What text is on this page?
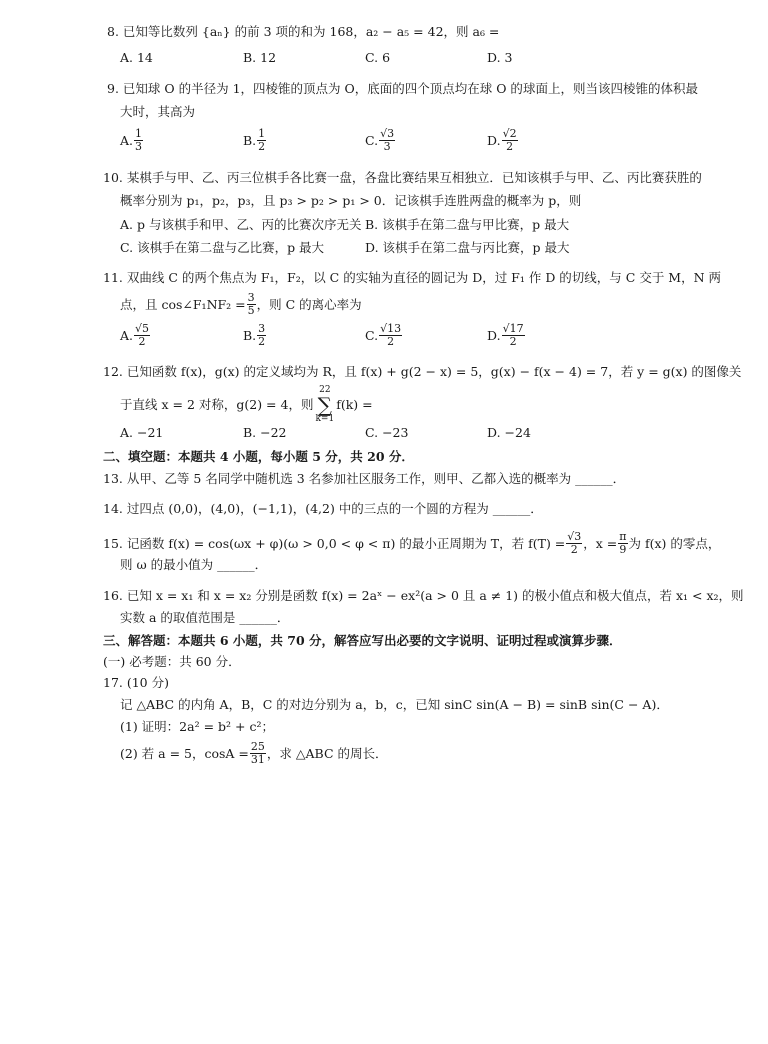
8. 已知等比数列 {aₙ} 的前 3 项的和为 168，a₂ − a₅ = 42，则 a₆ =
A. 14	B. 12	C. 6	D. 3
9. 已知球 O 的半径为 1，四棱锥的顶点为 O，底面的四个顶点均在球 O 的球面上，则当该四棱锥的体积最
大时，其高为
A. $\frac{1}{3}$	B. $\frac{1}{2}$	C. $\frac{√3}{3}$	D. $\frac{√2}{2}$
10. 某棋手与甲、乙、丙三位棋手各比赛一盘，各盘比赛结果互相独立．已知该棋手与甲、乙、丙比赛获胜的
概率分别为 p₁，p₂，p₃，且 p₃ > p₂ > p₁ > 0．记该棋手连胜两盘的概率为 p，则
A. p 与该棋手和甲、乙、丙的比赛次序无关 B. 该棋手在第二盘与甲比赛，p 最大
C. 该棋手在第二盘与乙比赛，p 最大	D. 该棋手在第二盘与丙比赛，p 最大
11. 双曲线 C 的两个焦点为 F₁，F₂，以 C 的实轴为直径的圆记为 D，过 F₁ 作 D 的切线，与 C 交于 M，N 两
点，且 cos∠F₁NF₂ = $\frac{3}{5}$ ，则 C 的离心率为
A. $\frac{√5}{2}$	B. $\frac{3}{2}$	C. $\frac{√13}{2}$	D. $\frac{√17}{2}$
12. 已知函数 f(x)，g(x) 的定义域均为 R，且 f(x) + g(2 − x) = 5，g(x) − f(x − 4) = 7，若 y = g(x) 的图像关
于直线 x = 2 对称，g(2) = 4，则22
∑
k=1f(k) =
A. −21	B. −22	C. −23	D. −24
二、填空题：本题共 4 小题，每小题 5 分，共 20 分．
13. 从甲、乙等 5 名同学中随机选 3 名参加社区服务工作，则甲、乙都入选的概率为 ______．
14. 过四点 (0,0)，(4,0)，(−1,1)，(4,2) 中的三点的一个圆的方程为 ______．
15. 记函数 f(x) = cos(ωx + φ)(ω > 0,0 < φ < π) 的最小正周期为 T，若 $f(T) = \frac{√3}{2}$ ，$x = \frac{\pi}{9}$ 为 f(x) 的零点，
则 ω 的最小值为 ______．
16. 已知 x = x₁ 和 x = x₂ 分别是函数 f(x) = 2aˣ − ex²(a > 0 且 a ≠ 1) 的极小值点和极大值点，若 x₁ < x₂，则
实数 a 的取值范围是 ______．
三、解答题：本题共 6 小题，共 70 分，解答应写出必要的文字说明、证明过程或演算步骤．
(一) 必考题：共 60 分．
17. (10 分)
记 △ABC 的内角 A，B，C 的对边分别为 a，b，c，已知 sinC sin(A − B) = sinB sin(C − A)．
(1) 证明：2a² = b² + c²；
(2) 若 a = 5，$\cos A = \frac{25}{31}$ ，求 △ABC 的周长．
